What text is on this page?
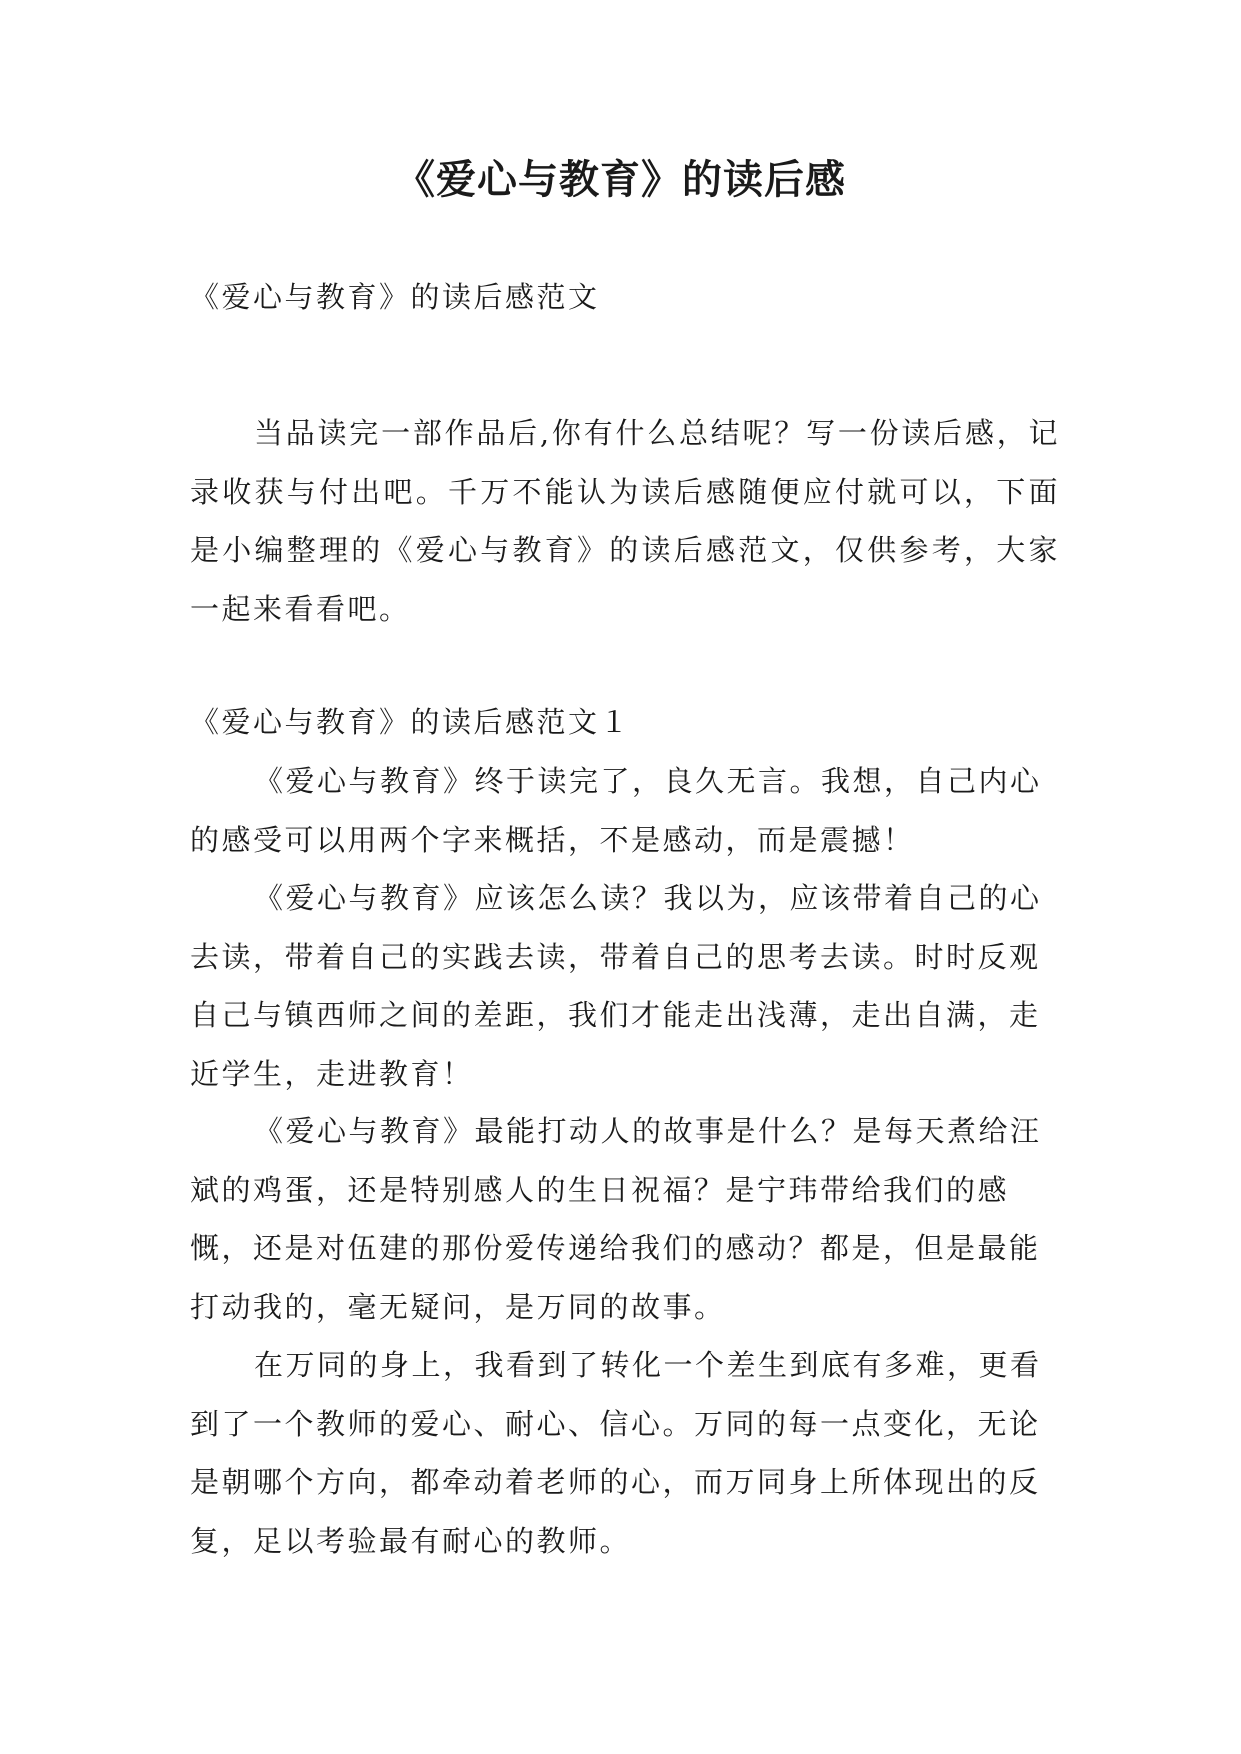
《爱心与教育》的读后感

《爱心与教育》的读后感范文

当品读完一部作品后,你有什么总结呢？写一份读后感，记录收获与付出吧。千万不能认为读后感随便应付就可以，下面是小编整理的《爱心与教育》的读后感范文，仅供参考，大家一起来看看吧。

《爱心与教育》的读后感范文１

《爱心与教育》终于读完了，良久无言。我想，自己内心的感受可以用两个字来概括，不是感动，而是震撼！

《爱心与教育》应该怎么读？我以为，应该带着自己的心去读，带着自己的实践去读，带着自己的思考去读。时时反观自己与镇西师之间的差距，我们才能走出浅薄，走出自满，走近学生，走进教育！

《爱心与教育》最能打动人的故事是什么？是每天煮给汪斌的鸡蛋，还是特别感人的生日祝福？是宁玮带给我们的感慨，还是对伍建的那份爱传递给我们的感动？都是，但是最能打动我的，毫无疑问，是万同的故事。

在万同的身上，我看到了转化一个差生到底有多难，更看到了一个教师的爱心、耐心、信心。万同的每一点变化，无论是朝哪个方向，都牵动着老师的心，而万同身上所体现出的反复，足以考验最有耐心的教师。
